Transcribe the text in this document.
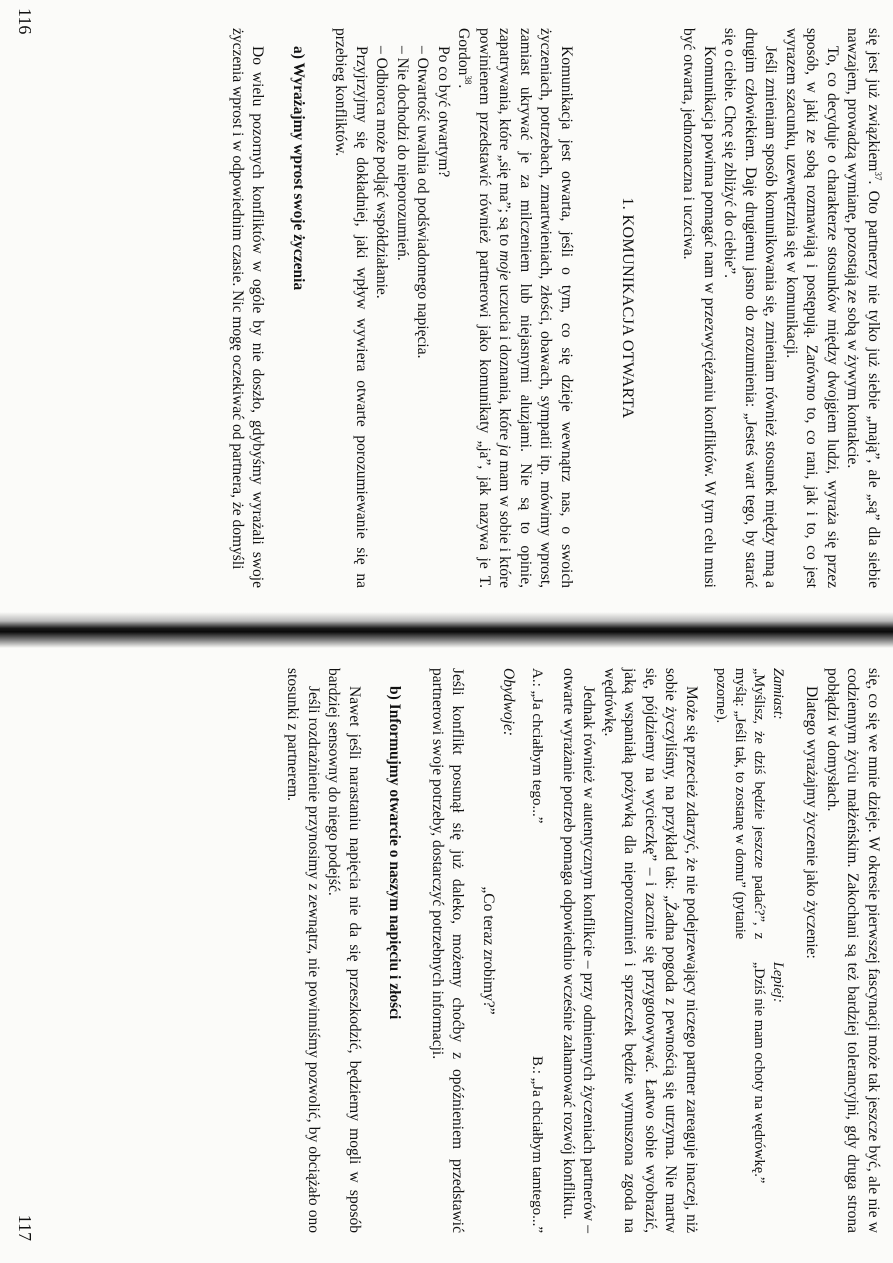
się jest już związkiem$^{37}$. Oto partnerzy nie tylko już siebie „mają”, ale „są” dla siebie nawzajem, prowadzą wymianę, pozostają ze sobą w żywym kontakcie.

To, co decyduje o charakterze stosunków między dwojgiem ludzi, wyraża się przez sposób, w jaki ze sobą rozmawiają i postępują. Zarówno to, co rani, jak i to, co jest wyrazem szacunku, uzewnętrznia się w komunikacji.

Jeśli zmieniam sposób komunikowania się, zmieniam również stosunek między mną a drugim człowiekiem. Daję drugiemu jasno do zrozumienia: „Jesteś wart tego, by starać się o ciebie. Chcę się zbliżyć do ciebie”.

Komunikacja powinna pomagać nam w przezwyciężaniu konfliktów. W tym celu musi być otwarta, jednoznaczna i uczciwa.

1. KOMUNIKACJA OTWARTA

Komunikacja jest otwarta, jeśli o tym, co się dzieje wewnątrz nas, o swoich życzeniach, potrzebach, zmartwieniach, złości, obawach, sympatii itp. mówimy wprost, zamiast ukrywać je za milczeniem lub niejasnymi aluzjami. Nie są to opinie, zapatrywania, które „się ma”; są to moje uczucia i doznania, które ja mam w sobie i które powinienem przedstawić również partnerowi jako komunikaty „ja”, jak nazywa je T. Gordon$^{38}$.

Po co być otwartym?

– Otwartość uwalnia od podświadomego napięcia.

– Nie dochodzi do nieporozumień.

– Odbiorca może podjąć współdziałanie.

Przyjrzyjmy się dokładniej, jaki wpływ wywiera otwarte porozumiewanie się na przebieg konfliktów.

a) Wyrażajmy wprost swoje życzenia

Do wielu pozornych konfliktów w ogóle by nie doszło, gdybyśmy wyrażali swoje życzenia wprost i w odpowiednim czasie. Nic mogę oczekiwać od partnera, że domyśli

116

się, co się we mnie dzieje. W okresie pierwszej fascynacji może tak jeszcze być, ale nie w codziennym życiu małżeńskim. Zakochani są też bardziej tolerancyjni, gdy druga strona pobłądzi w domysłach.

Dlatego wyrażajmy życzenie jako życzenie:

Zamiast:

„Myślisz, że dziś będzie jeszcze padać?”, z myślą: „Jeśli tak, to zostanę w domu” (pytanie pozorne).

Lepiej:

„Dziś nie mam ochoty na wędrówkę.”

Może się przecież zdarzyć, że nie podejrzewający niczego partner zareaguje inaczej, niż sobie życzyliśmy, na przykład tak: „Żadna pogoda z pewnością się utrzyma. Nie martw się, pójdziemy na wycieczkę” – i zacznie się przygotowywać. Łatwo sobie wyobrazić, jaką wspaniałą pożywką dla nieporozumień i sprzeczek będzie wymuszona zgoda na wędrówkę.

Jednak również w autentycznym konflikcie – przy odmiennych życzeniach partnerów – otwarte wyrażanie potrzeb pomaga odpowiednio wcześnie zahamować rozwój konfliktu.

A.: „Ja chciałbym tego...”
B.: „Ja chciałbym tamtego...”

Obydwoje:

„Co teraz zrobimy?”

Jeśli konflikt posunął się już daleko, możemy choćby z opóźnieniem przedstawić partnerowi swoje potrzeby, dostarczyć potrzebnych informacji.

b) Informujmy otwarcie o naszym napięciu i złości

Nawet jeśli narastaniu napięcia nie da się przeszkodzić, będziemy mogli w sposób bardziej sensowny do niego podejść.

Jeśli rozdrażnienie przynosimy z zewnątrz, nie powinniśmy pozwolić, by obciążało ono stosunki z partnerem.

117
